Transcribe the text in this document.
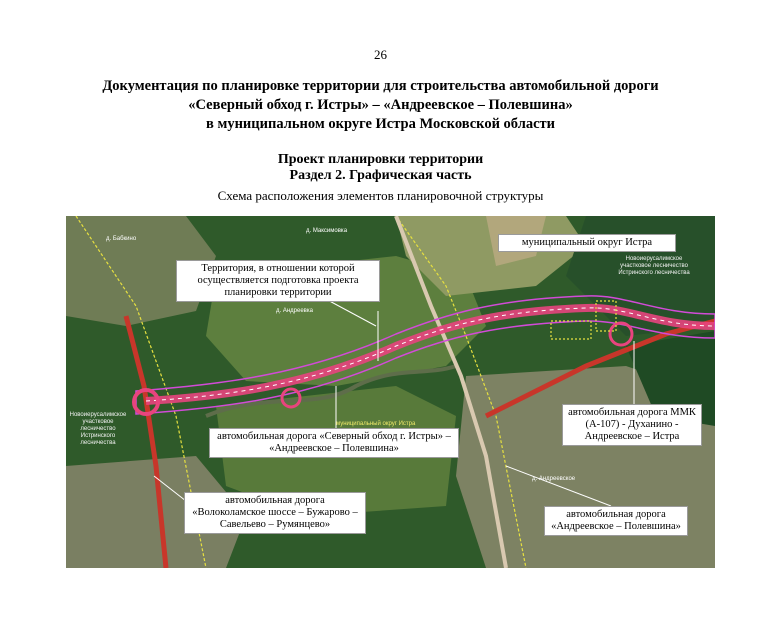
26
Документация по планировке территории для строительства автомобильной дороги
«Северный обход г. Истры» – «Андреевское – Полевшина»
в муниципальном округе Истра Московской области
Проект планировки территории
Раздел 2. Графическая часть
Схема расположения элементов планировочной структуры
д. Бабкино
д. Максимовка
д. Андреевка
д. Андреевское
Новоиерусалимское участковое лесничество Истринского лесничества
Новоиерусалимское участковое лесничество Истринского лесничества
муниципальный округ Истра
муниципальный округ Истра
Территория, в отношении которой осуществляется подготовка проекта планировки территории
автомобильная дорога «Северный обход г. Истры» – «Андреевское – Полевшина»
автомобильная дорога «Волоколамское шоссе – Бужарово – Савельево – Румянцево»
автомобильная дорога ММК (А-107) - Духанино - Андреевское – Истра
автомобильная дорога «Андреевское – Полевшина»
